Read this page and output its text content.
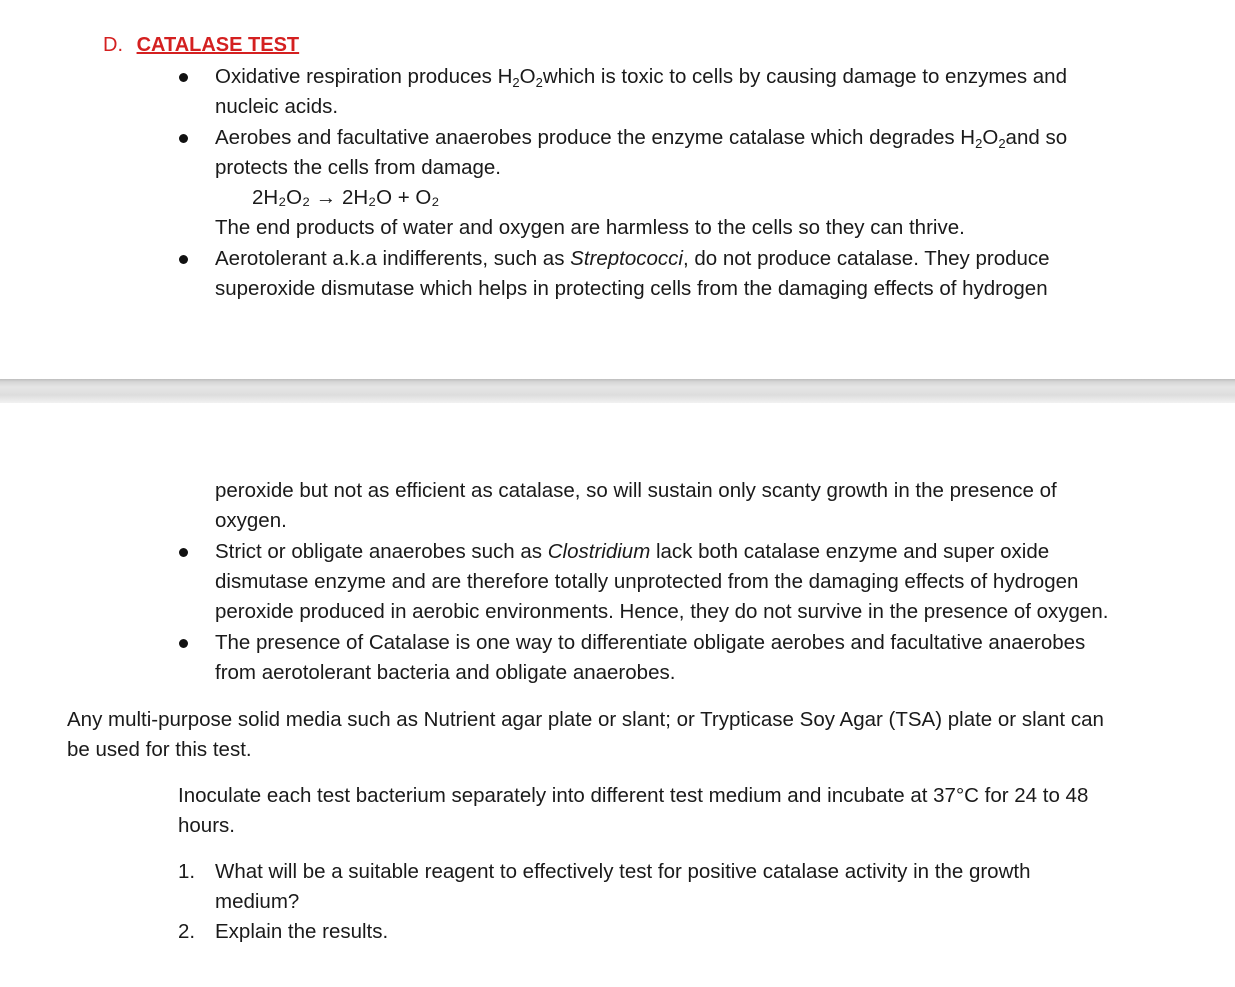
D. CATALASE TEST
Oxidative respiration produces $H_2O_2which$ is toxic to cells by causing damage to enzymes and
nucleic acids.
Aerobes and facultative anaerobes produce the enzyme catalase which degrades $H_2O_2and$ so
protects the cells from damage.
2H₂O₂ → 2H₂O + O₂
The end products of water and oxygen are harmless to the cells so they can thrive.
Aerotolerant a.k.a indifferents, such as Streptococci, do not produce catalase. They produce
superoxide dismutase which helps in protecting cells from the damaging effects of hydrogen
peroxide but not as efficient as catalase, so will sustain only scanty growth in the presence of
oxygen.
Strict or obligate anaerobes such as Clostridium lack both catalase enzyme and super oxide
dismutase enzyme and are therefore totally unprotected from the damaging effects of hydrogen
peroxide produced in aerobic environments. Hence, they do not survive in the presence of oxygen.
The presence of Catalase is one way to differentiate obligate aerobes and facultative anaerobes
from aerotolerant bacteria and obligate anaerobes.
Any multi-purpose solid media such as Nutrient agar plate or slant; or Trypticase Soy Agar (TSA) plate or slant can
be used for this test.
Inoculate each test bacterium separately into different test medium and incubate at 37°C for 24 to 48
hours.
1. What will be a suitable reagent to effectively test for positive catalase activity in the growth
medium?
2. Explain the results.
